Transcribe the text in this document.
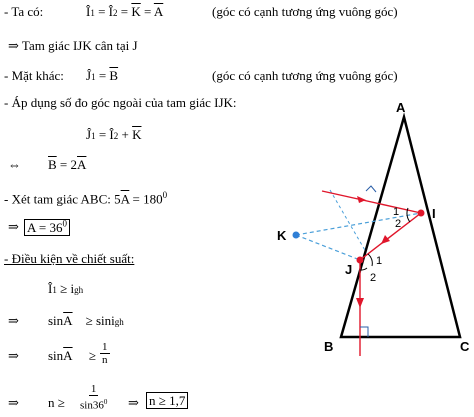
- Ta có:	Î1 = Î2 = $\overline{K} = \overline{A}$	(góc có cạnh tương ứng vuông góc)
⇒ Tam giác IJK cân tại J
- Mặt khác: Ĵ1 = $\overline{B}$	(góc có cạnh tương ứng vuông góc)
- Áp dụng số đo góc ngoài của tam giác IJK:
Ĵ1 = Î2 + $\overline{K}$
⇔ $\overline{B} = 2\overline{A}$
- Xét tam giác ABC: $5\overline{A} = 180^0$
⇒ $\overline{A} = 36^0$
- Điều kiện về chiết suất:
Î1 ≥ igh
⇒ $\sin\overline{A}$    ≥ sinigh
⇒ $\sin\overline{A} \ge \frac{1}{n}$
⇒ $n \ge \frac{1}{\sin 36^0}$ ⇒ n ≥ 1,7
A
B	C
I
J
K
1
2
1
2
